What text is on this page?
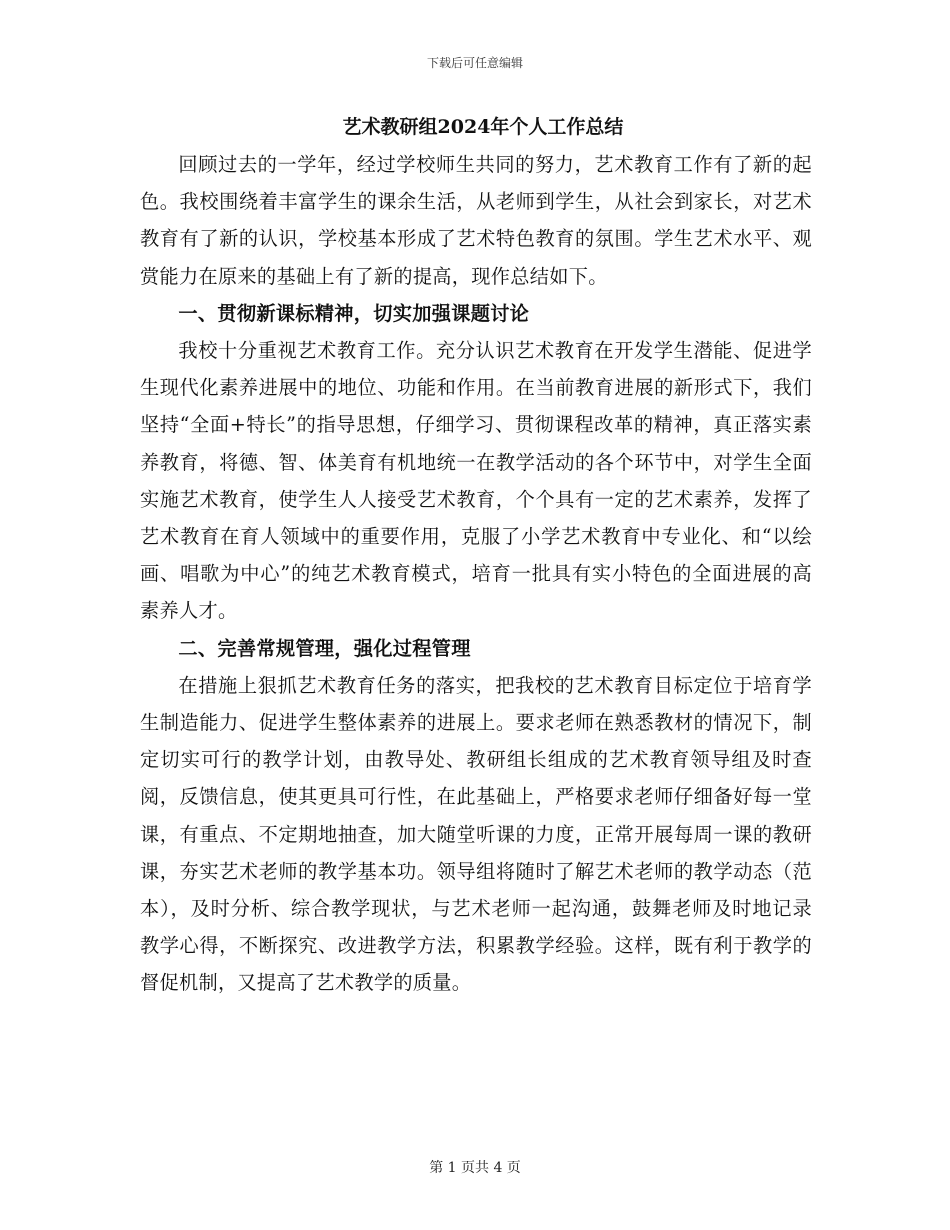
下载后可任意编辑
艺术教研组2024年个人工作总结

回顾过去的一学年，经过学校师生共同的努力，艺术教育工作有了新的起色。我校围绕着丰富学生的课余生活，从老师到学生，从社会到家长，对艺术教育有了新的认识，学校基本形成了艺术特色教育的氛围。学生艺术水平、观赏能力在原来的基础上有了新的提高，现作总结如下。

一、贯彻新课标精神，切实加强课题讨论

我校十分重视艺术教育工作。充分认识艺术教育在开发学生潜能、促进学生现代化素养进展中的地位、功能和作用。在当前教育进展的新形式下，我们坚持“全面+特长”的指导思想，仔细学习、贯彻课程改革的精神，真正落实素养教育，将德、智、体美育有机地统一在教学活动的各个环节中，对学生全面实施艺术教育，使学生人人接受艺术教育，个个具有一定的艺术素养，发挥了艺术教育在育人领域中的重要作用，克服了小学艺术教育中专业化、和“以绘画、唱歌为中心”的纯艺术教育模式，培育一批具有实小特色的全面进展的高素养人才。

二、完善常规管理，强化过程管理

在措施上狠抓艺术教育任务的落实，把我校的艺术教育目标定位于培育学生制造能力、促进学生整体素养的进展上。要求老师在熟悉教材的情况下，制定切实可行的教学计划，由教导处、教研组长组成的艺术教育领导组及时查阅，反馈信息，使其更具可行性，在此基础上，严格要求老师仔细备好每一堂课，有重点、不定期地抽查，加大随堂听课的力度，正常开展每周一课的教研课，夯实艺术老师的教学基本功。领导组将随时了解艺术老师的教学动态（范本），及时分析、综合教学现状，与艺术老师一起沟通，鼓舞老师及时地记录教学心得，不断探究、改进教学方法，积累教学经验。这样，既有利于教学的督促机制，又提高了艺术教学的质量。

第 1 页共 4 页
